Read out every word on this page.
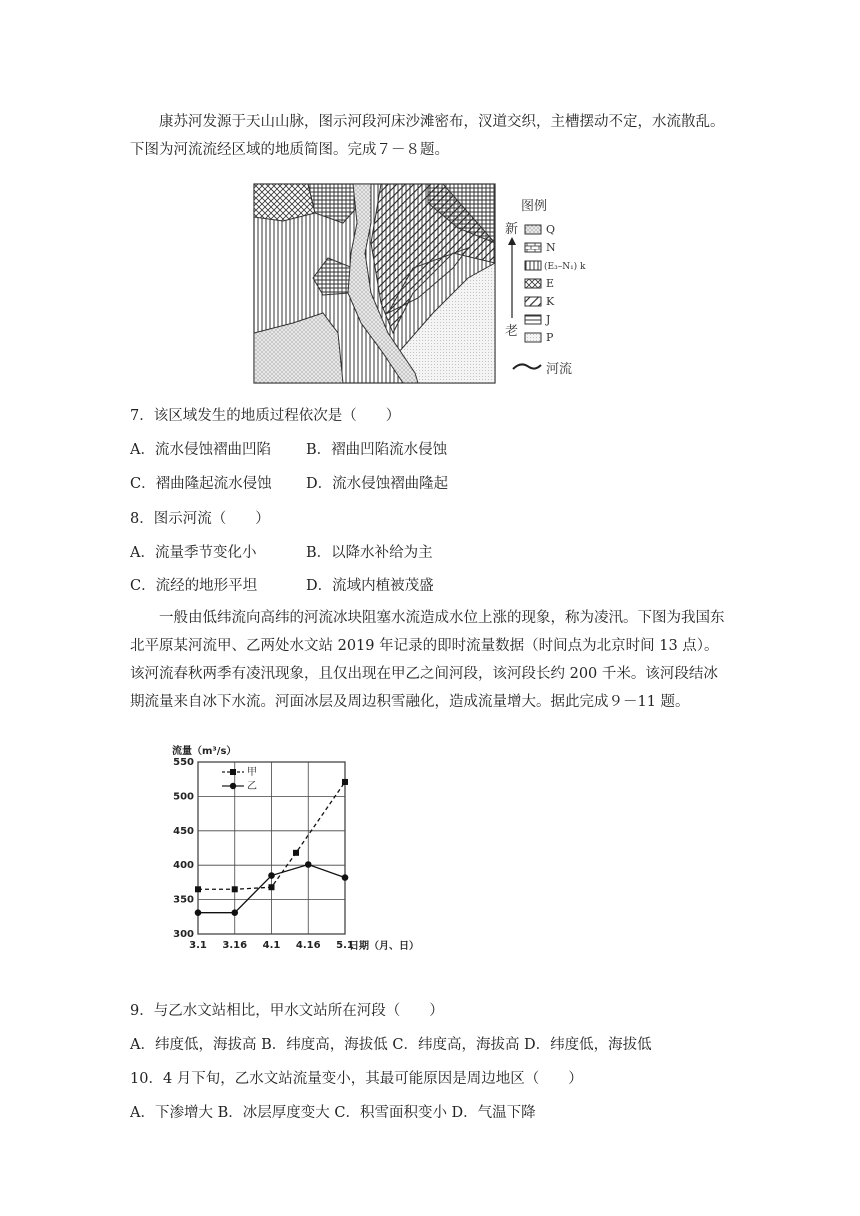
康苏河发源于天山山脉，图示河段河床沙滩密布，汊道交织，主槽摆动不定，水流散乱。下图为河流流经区域的地质简图。完成７－８题。

图例
新
老
Q
N
(E₃–N₁) k
E
K
J
P
河流

7．该区域发生的地质过程依次是（　　）

A．流水侵蚀褶曲凹陷 B．褶曲凹陷流水侵蚀

C．褶曲隆起流水侵蚀 D．流水侵蚀褶曲隆起

8．图示河流（　　）

A．流量季节变化小	B．以降水补给为主

C．流经的地形平坦	D．流域内植被茂盛

一般由低纬流向高纬的河流冰块阻塞水流造成水位上涨的现象，称为凌汛。下图为我国东北平原某河流甲、乙两处水文站 2019 年记录的即时流量数据（时间点为北京时间 13 点）。该河流春秋两季有凌汛现象，且仅出现在甲乙之间河段，该河段长约 200 千米。该河段结冰期流量来自冰下水流。河面冰层及周边积雪融化，造成流量增大。据此完成９－11 题。

流量（m³/s）
300
350
400
450
500
550
3.1 3.16 4.1 4.16 5.1
甲
乙
日期（月、日）

9．与乙水文站相比，甲水文站所在河段（　　）

A．纬度低，海拔高 B．纬度高，海拔低 C．纬度高，海拔高 D．纬度低，海拔低

10．4 月下旬，乙水文站流量变小，其最可能原因是周边地区（　　）

A．下渗增大 B．冰层厚度变大 C．积雪面积变小 D．气温下降
